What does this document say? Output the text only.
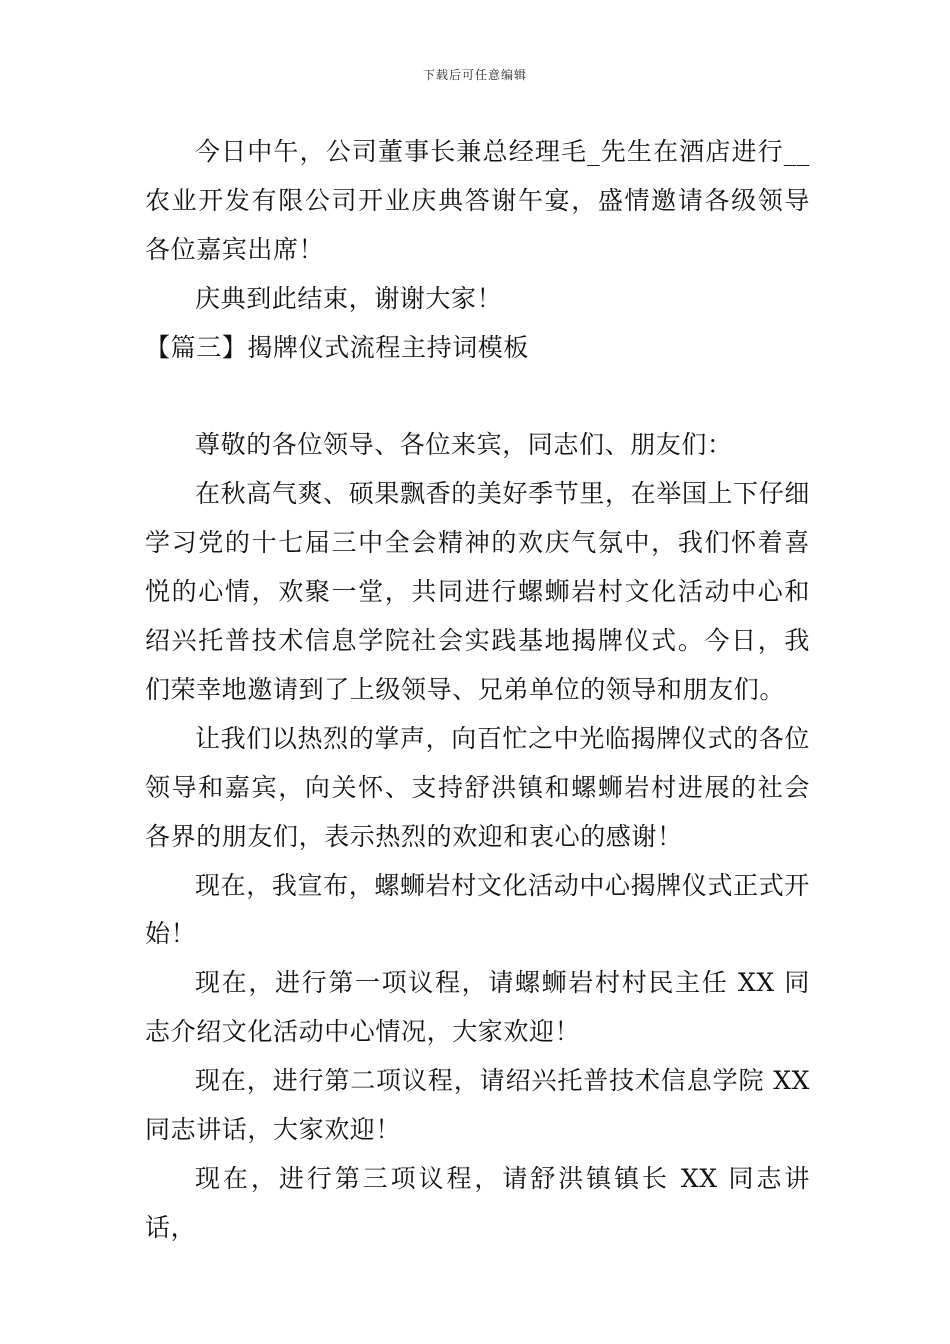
下载后可任意编辑

今日中午，公司董事长兼总经理毛_先生在酒店进行__农业开发有限公司开业庆典答谢午宴，盛情邀请各级领导各位嘉宾出席！

庆典到此结束，谢谢大家！

【篇三】揭牌仪式流程主持词模板

尊敬的各位领导、各位来宾，同志们、朋友们：

在秋高气爽、硕果飘香的美好季节里，在举国上下仔细学习党的十七届三中全会精神的欢庆气氛中，我们怀着喜悦的心情，欢聚一堂，共同进行螺蛳岩村文化活动中心和绍兴托普技术信息学院社会实践基地揭牌仪式。今日，我们荣幸地邀请到了上级领导、兄弟单位的领导和朋友们。

让我们以热烈的掌声，向百忙之中光临揭牌仪式的各位领导和嘉宾，向关怀、支持舒洪镇和螺蛳岩村进展的社会各界的朋友们，表示热烈的欢迎和衷心的感谢！

现在，我宣布，螺蛳岩村文化活动中心揭牌仪式正式开始！

现在，进行第一项议程，请螺蛳岩村村民主任 XX 同志介绍文化活动中心情况，大家欢迎！

现在，进行第二项议程，请绍兴托普技术信息学院 XX 同志讲话，大家欢迎！

现在，进行第三项议程，请舒洪镇镇长 XX 同志讲话，
